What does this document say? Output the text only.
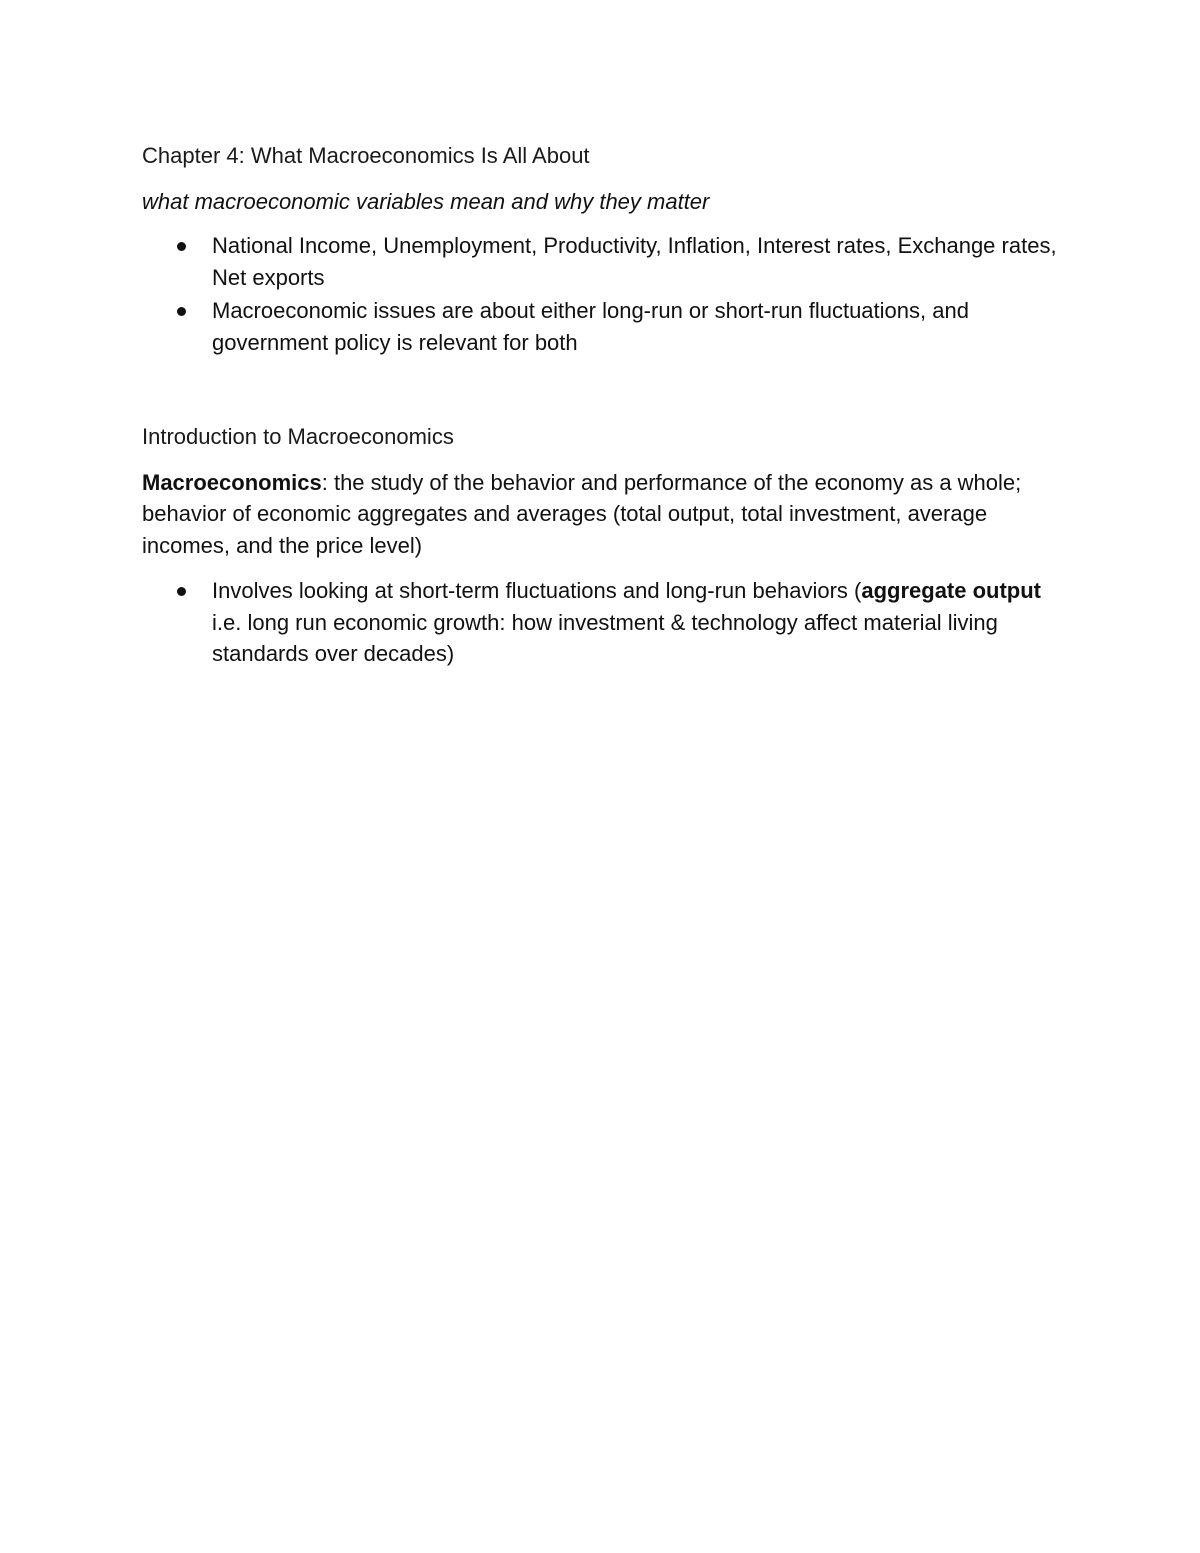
Chapter 4: What Macroeconomics Is All About
what macroeconomic variables mean and why they matter
National Income, Unemployment, Productivity, Inflation, Interest rates, Exchange rates, Net exports
Macroeconomic issues are about either long-run or short-run fluctuations, and government policy is relevant for both
Introduction to Macroeconomics

Macroeconomics: the study of the behavior and performance of the economy as a whole; behavior of economic aggregates and averages (total output, total investment, average incomes, and the price level)

Involves looking at short-term fluctuations and long-run behaviors (aggregate output i.e. long run economic growth: how investment & technology affect material living standards over decades)
